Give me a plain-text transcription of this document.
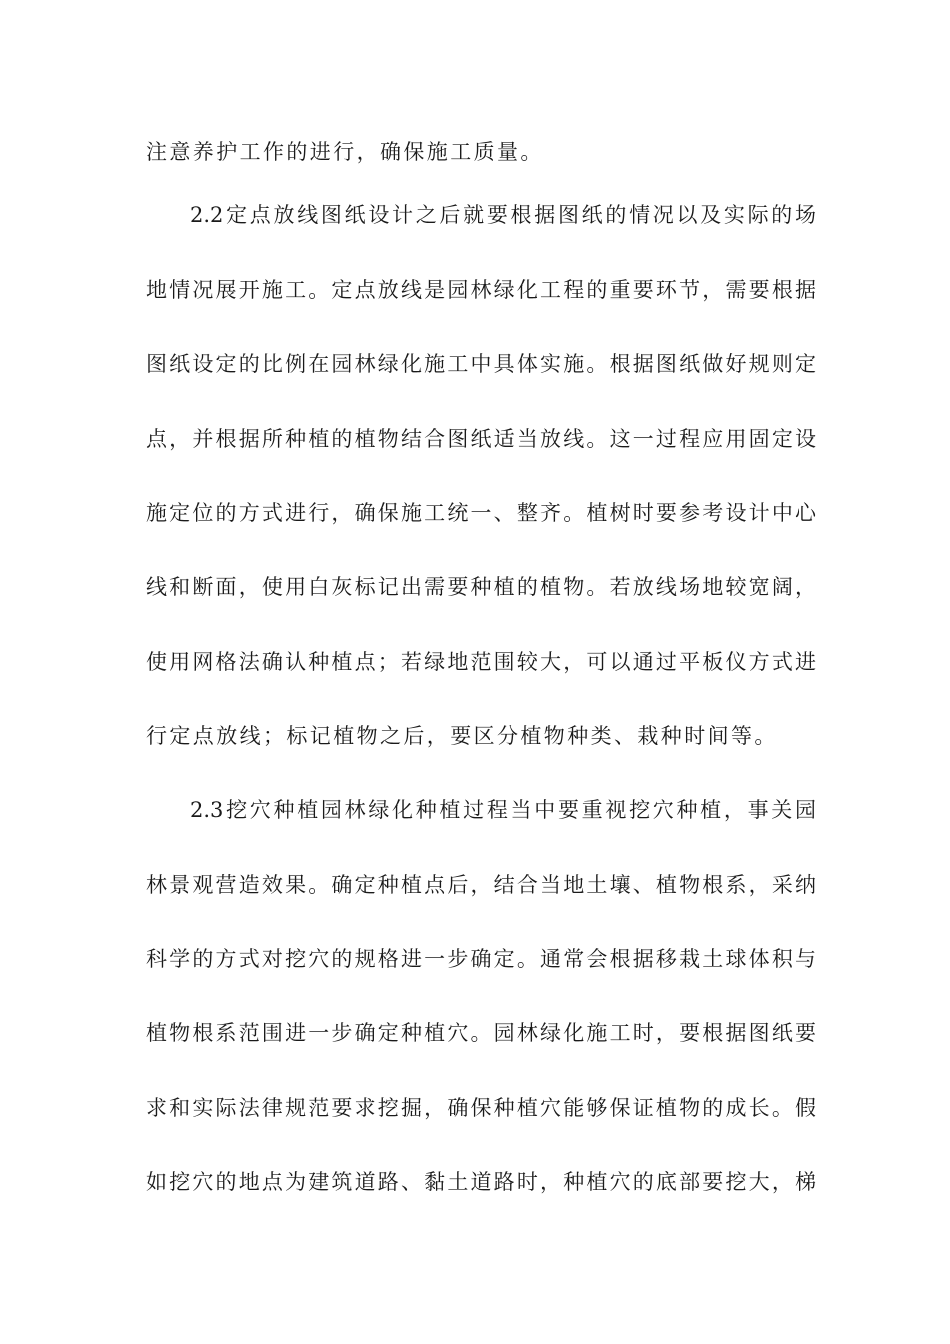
注意养护工作的进行，确保施工质量。
2.2定点放线图纸设计之后就要根据图纸的情况以及实际的场
地情况展开施工。定点放线是园林绿化工程的重要环节，需要根据
图纸设定的比例在园林绿化施工中具体实施。根据图纸做好规则定
点，并根据所种植的植物结合图纸适当放线。这一过程应用固定设
施定位的方式进行，确保施工统一、整齐。植树时要参考设计中心
线和断面，使用白灰标记出需要种植的植物。若放线场地较宽阔，
使用网格法确认种植点；若绿地范围较大，可以通过平板仪方式进
行定点放线；标记植物之后，要区分植物种类、栽种时间等。
2.3挖穴种植园林绿化种植过程当中要重视挖穴种植，事关园
林景观营造效果。确定种植点后，结合当地土壤、植物根系，采纳
科学的方式对挖穴的规格进一步确定。通常会根据移栽土球体积与
植物根系范围进一步确定种植穴。园林绿化施工时，要根据图纸要
求和实际法律规范要求挖掘，确保种植穴能够保证植物的成长。假
如挖穴的地点为建筑道路、黏土道路时，种植穴的底部要挖大，梯
